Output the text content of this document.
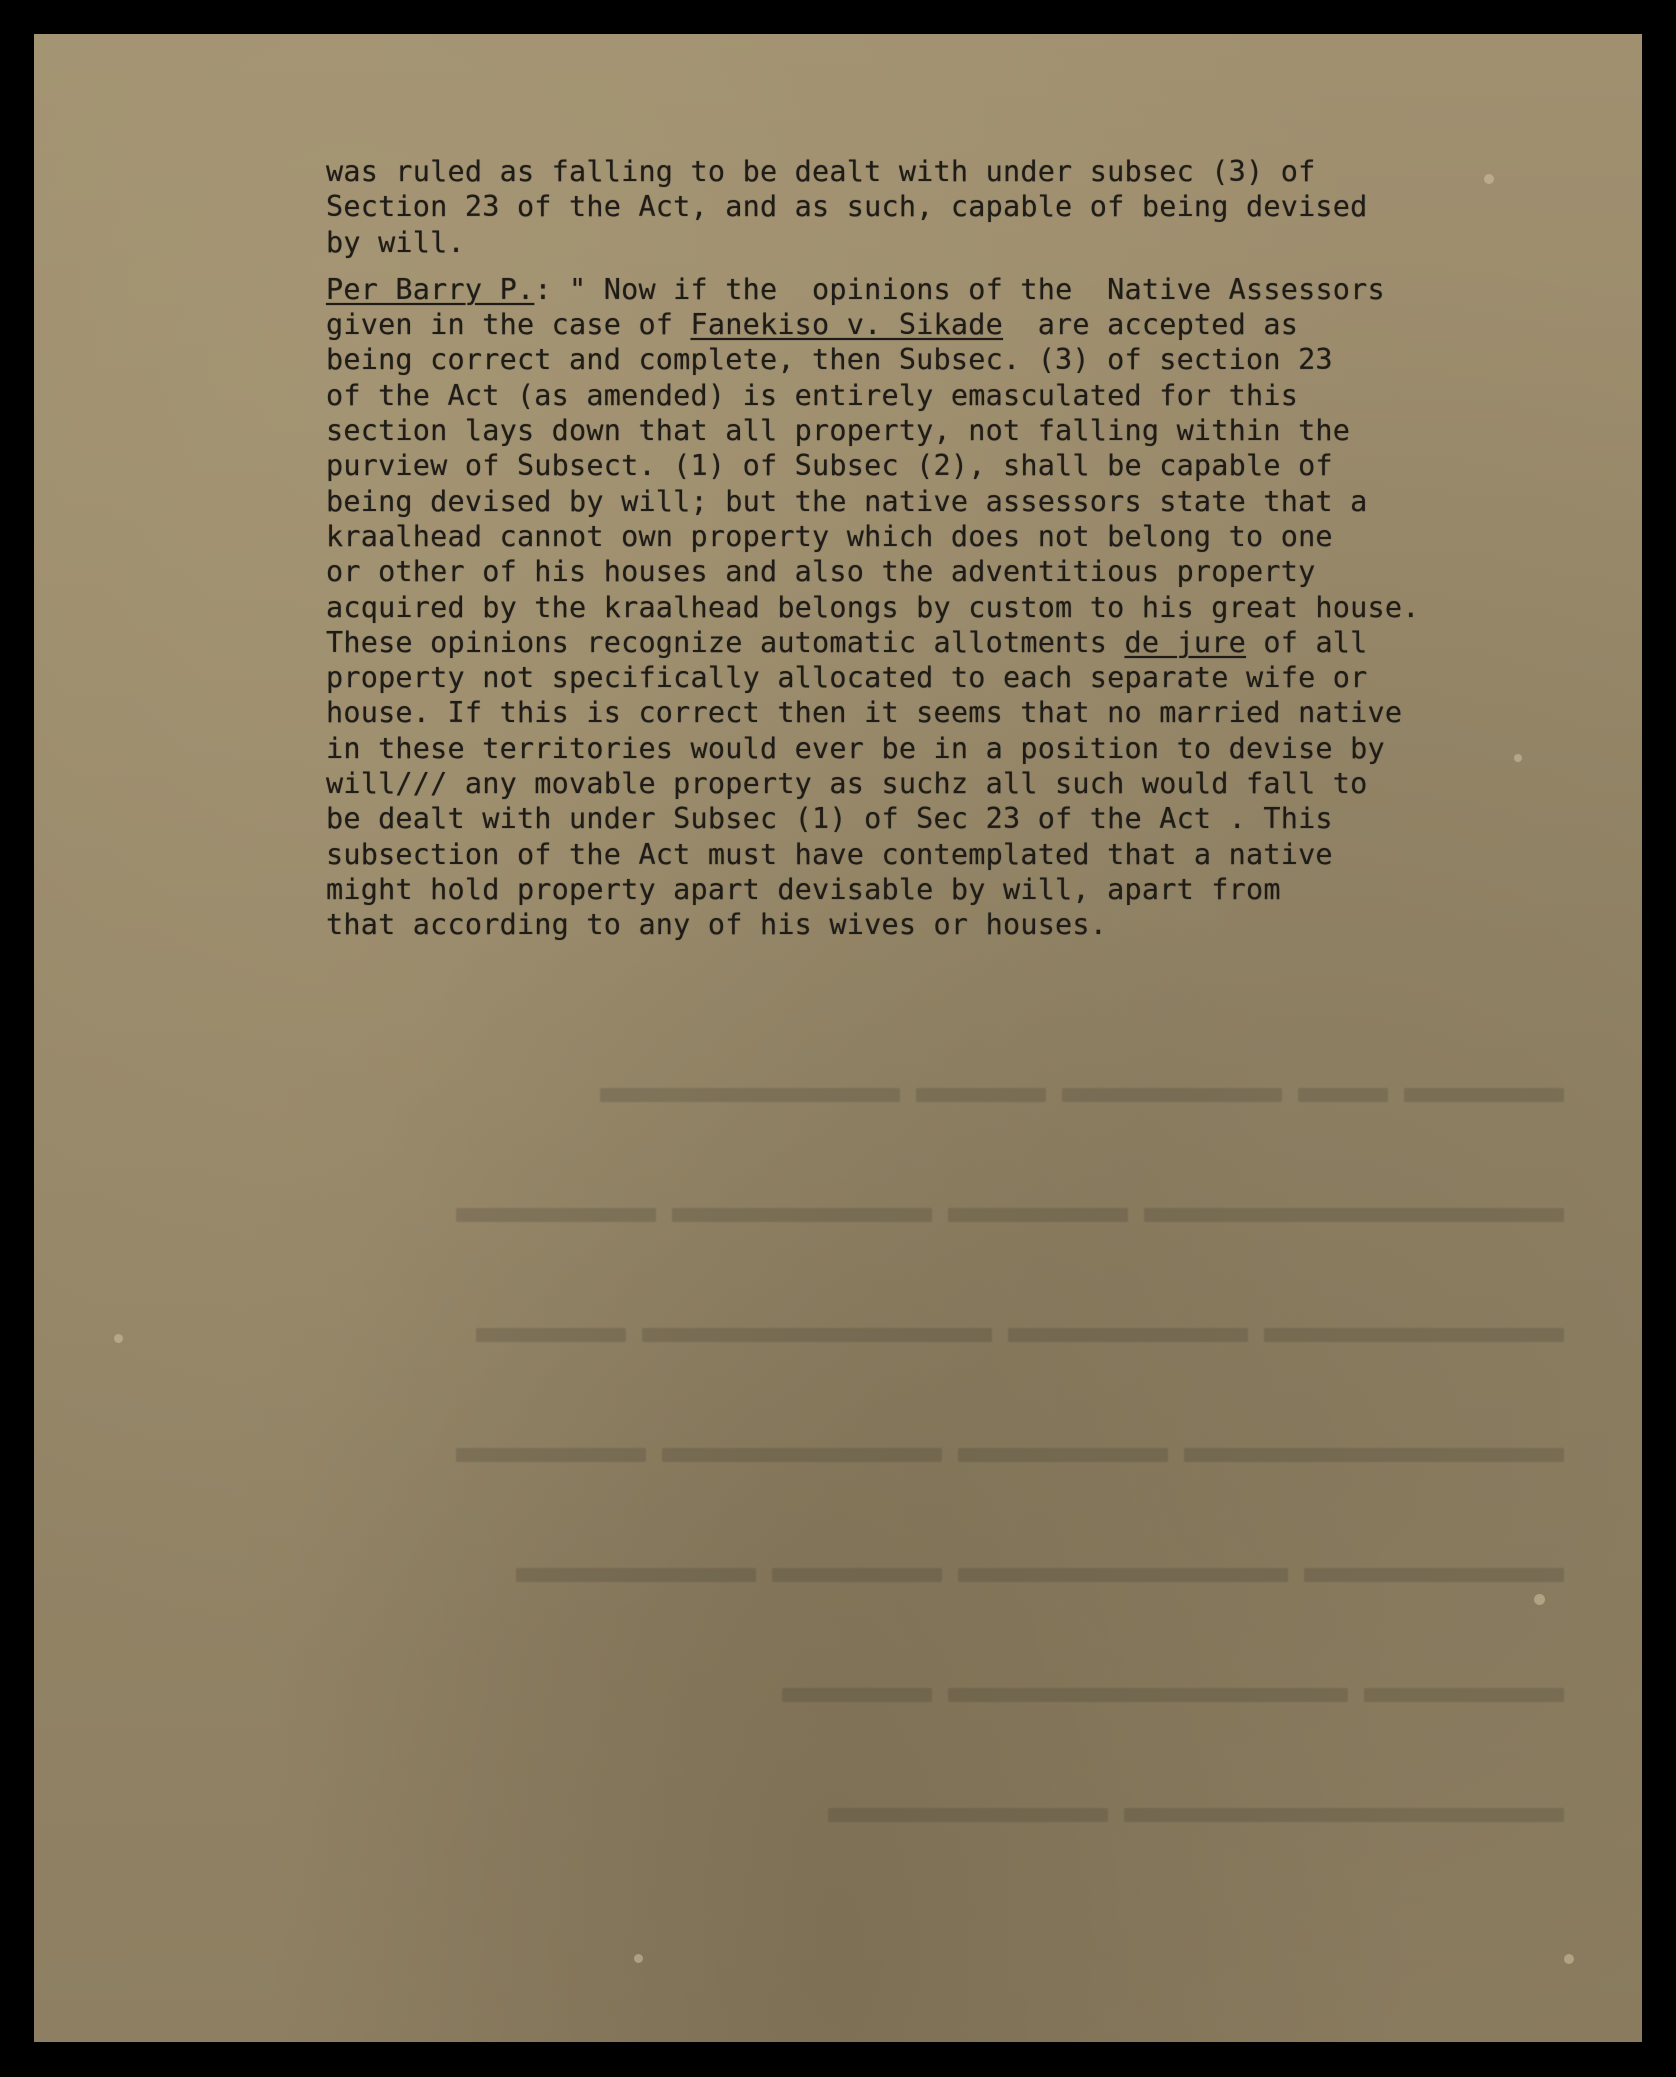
was ruled as falling to be dealt with under subsec (3) of
Section 23 of the Act, and as such, capable of being devised
by will.
Per Barry P.: " Now if the  opinions of the  Native Assessors
given in the case of Fanekiso v. Sikade  are accepted as
being correct and complete, then Subsec. (3) of section 23
of the Act (as amended) is entirely emasculated for this
section lays down that all property, not falling within the
purview of Subsect. (1) of Subsec (2), shall be capable of
being devised by will; but the native assessors state that a
kraalhead cannot own property which does not belong to one
or other of his houses and also the adventitious property
acquired by the kraalhead belongs by custom to his great house.
These opinions recognize automatic allotments de jure of all
property not specifically allocated to each separate wife or
house. If this is correct then it seems that no married native
in these territories would ever be in a position to devise by
will/// any movable property as suchz all such would fall to
be dealt with under Subsec (1) of Sec 23 of the Act . This
subsection of the Act must have contemplated that a native
might hold property apart devisable by will, apart from
that according to any of his wives or houses.
